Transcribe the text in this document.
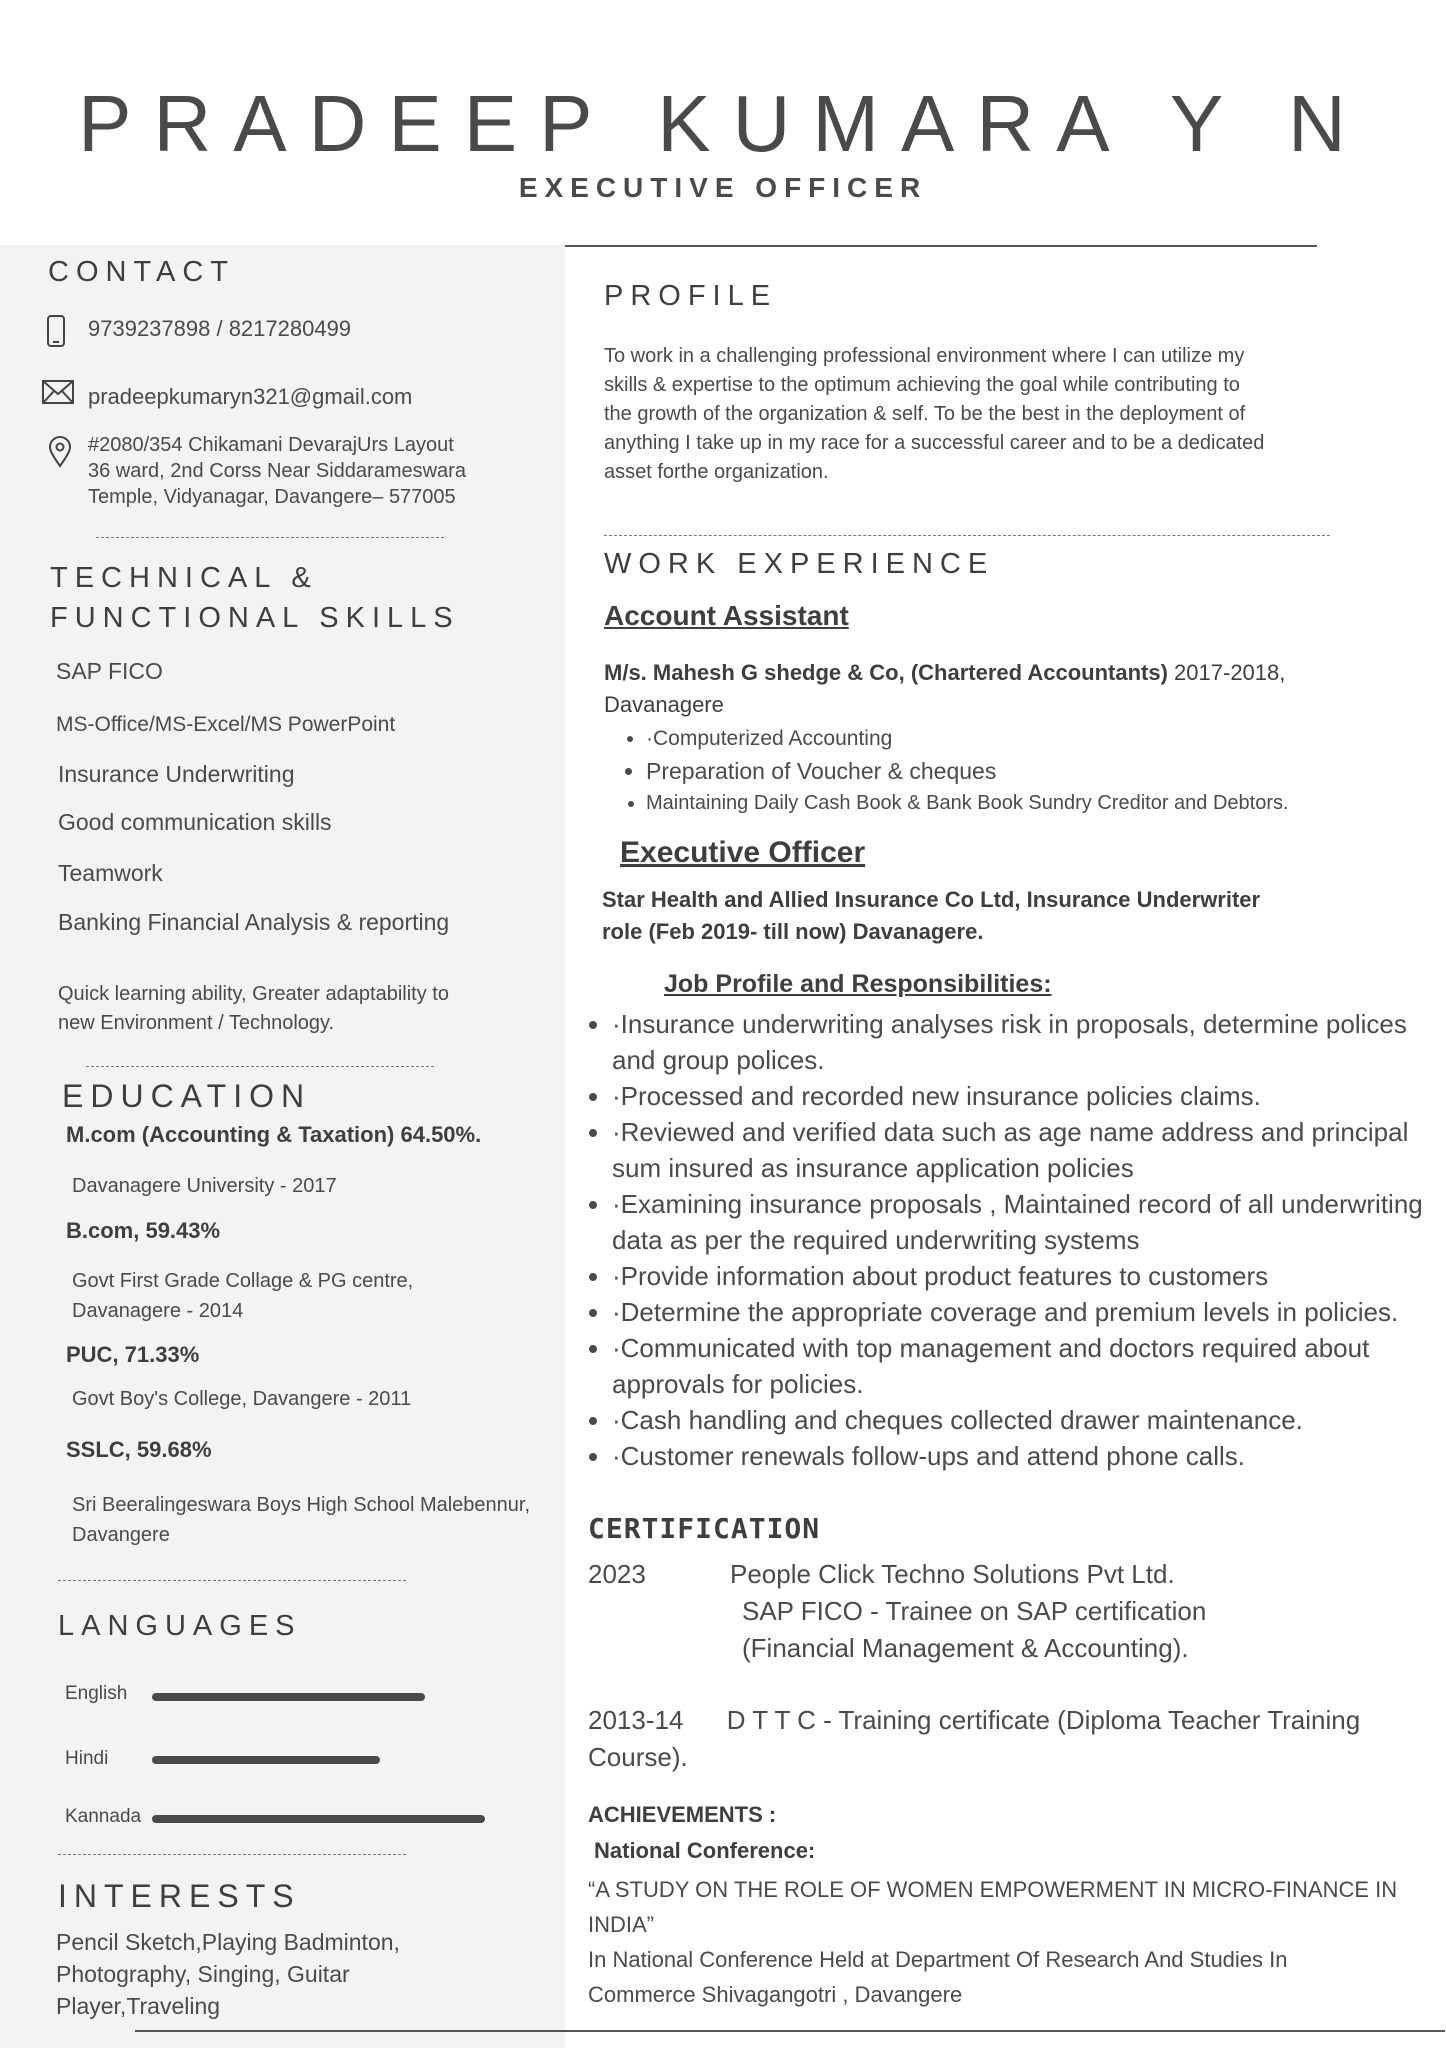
PRADEEP KUMARA Y N
EXECUTIVE OFFICER
CONTACT
9739237898 / 8217280499
pradeepkumaryn321@gmail.com
#2080/354 Chikamani DevarajUrs Layout
36 ward, 2nd Corss Near Siddarameswara
Temple, Vidyanagar, Davangere– 577005
TECHNICAL &
FUNCTIONAL SKILLS
SAP FICO
MS-Office/MS-Excel/MS PowerPoint
Insurance Underwriting
Good communication skills
Teamwork
Banking Financial Analysis & reporting
Quick learning ability, Greater adaptability to
new Environment / Technology.
EDUCATION
M.com (Accounting & Taxation) 64.50%.
Davanagere University - 2017
B.com, 59.43%
Govt First Grade Collage & PG centre,
Davanagere - 2014
PUC, 71.33%
Govt Boy's College, Davangere - 2011
SSLC, 59.68%
Sri Beeralingeswara Boys High School Malebennur,
Davangere
LANGUAGES
English
Hindi
Kannada
INTERESTS
Pencil Sketch,Playing Badminton,
Photography, Singing, Guitar
Player,Traveling
PROFILE
To work in a challenging professional environment where I can utilize my
skills & expertise to the optimum achieving the goal while contributing to
the growth of the organization & self. To be the best in the deployment of
anything I take up in my race for a successful career and to be a dedicated
asset forthe organization.
WORK EXPERIENCE
Account Assistant
M/s. Mahesh G shedge & Co, (Chartered Accountants) 2017-2018,
Davanagere
• ·Computerized Accounting
• Preparation of Voucher & cheques
• Maintaining Daily Cash Book & Bank Book Sundry Creditor and Debtors.
Executive Officer
Star Health and Allied Insurance Co Ltd, Insurance Underwriter
role (Feb 2019- till now) Davanagere.
Job Profile and Responsibilities:
• ·Insurance underwriting analyses risk in proposals, determine polices and group polices.
• ·Processed and recorded new insurance policies claims.
• ·Reviewed and verified data such as age name address and principal sum insured as insurance application policies
• ·Examining insurance proposals , Maintained record of all underwriting data as per the required underwriting systems
• ·Provide information about product features to customers
• ·Determine the appropriate coverage and premium levels in policies.
• ·Communicated with top management and doctors required about approvals for policies.
• ·Cash handling and cheques collected drawer maintenance.
• ·Customer renewals follow-ups and attend phone calls.
CERTIFICATION
2023	People Click Techno Solutions Pvt Ltd.
SAP FICO - Trainee on SAP certification
(Financial Management & Accounting).
2013-14      D T T C - Training certificate (Diploma Teacher Training
Course).
ACHIEVEMENTS :
National Conference:
“A STUDY ON THE ROLE OF WOMEN EMPOWERMENT IN MICRO-FINANCE IN
INDIA”
In National Conference Held at Department Of Research And Studies In
Commerce Shivagangotri , Davangere
